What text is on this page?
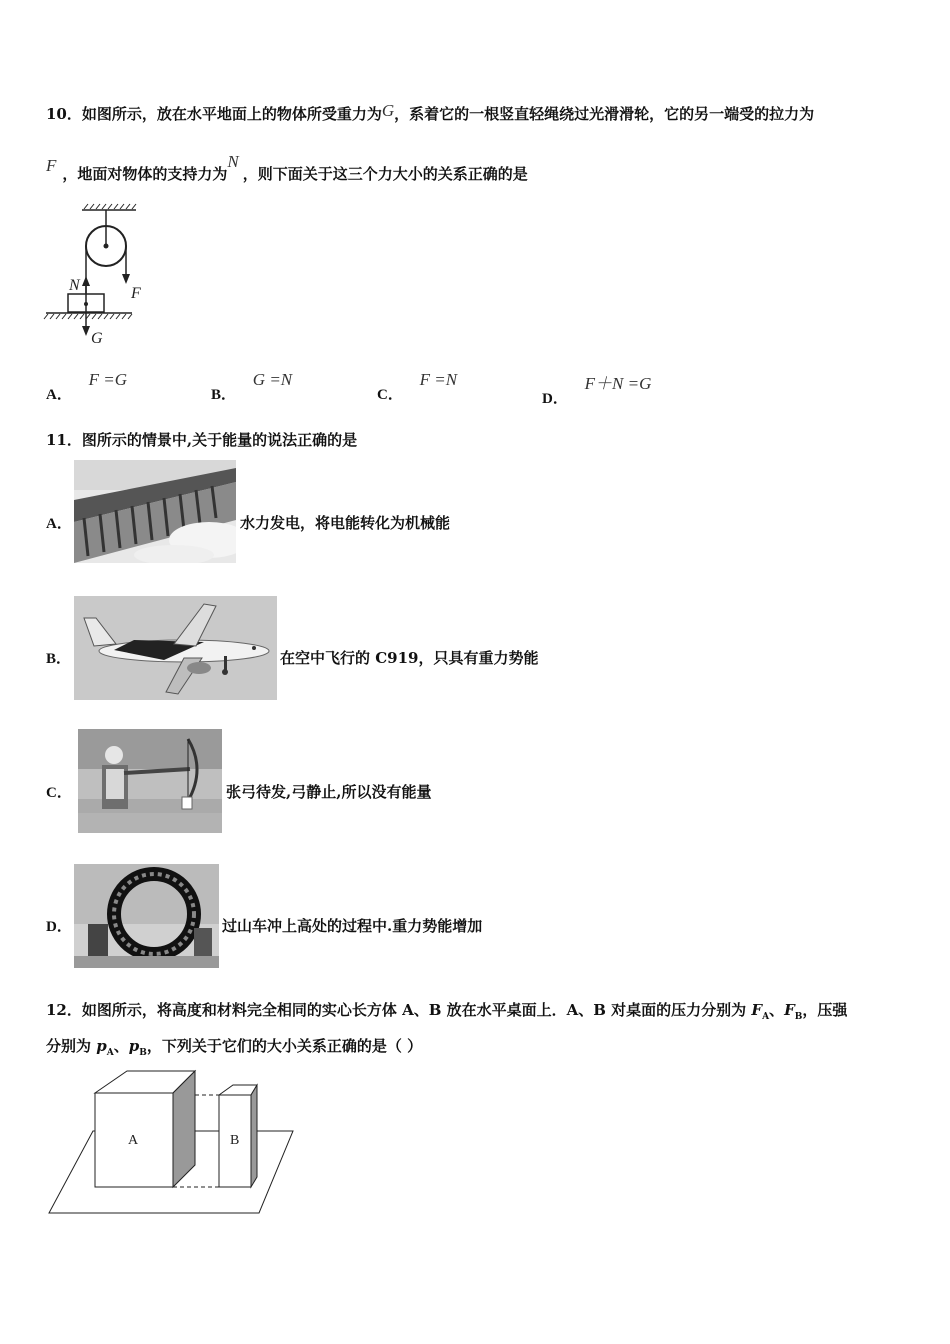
10．如图所示，放在水平地面上的物体所受重力为G，系着它的一根竖直轻绳绕过光滑滑轮，它的另一端受的拉力为
F ，地面对物体的支持力为N，则下面关于这三个力大小的关系正确的是
N	F
G
A． F =G
B． G =N
C． F =N
D． F＋N =G
11．图所示的情景中,关于能量的说法正确的是
A．	水力发电，将电能转化为机械能
B．	在空中飞行的 C919，只具有重力势能
C．	张弓待发,弓静止,所以没有能量
D．	过山车冲上高处的过程中.重力势能增加
12．如图所示，将高度和材料完全相同的实心长方体 A、B 放在水平桌面上．A、B 对桌面的压力分别为 $F_A$、$F_B$，压强
分别为 $p_A$、$p_B$，下列关于它们的大小关系正确的是（ ）
A	B
